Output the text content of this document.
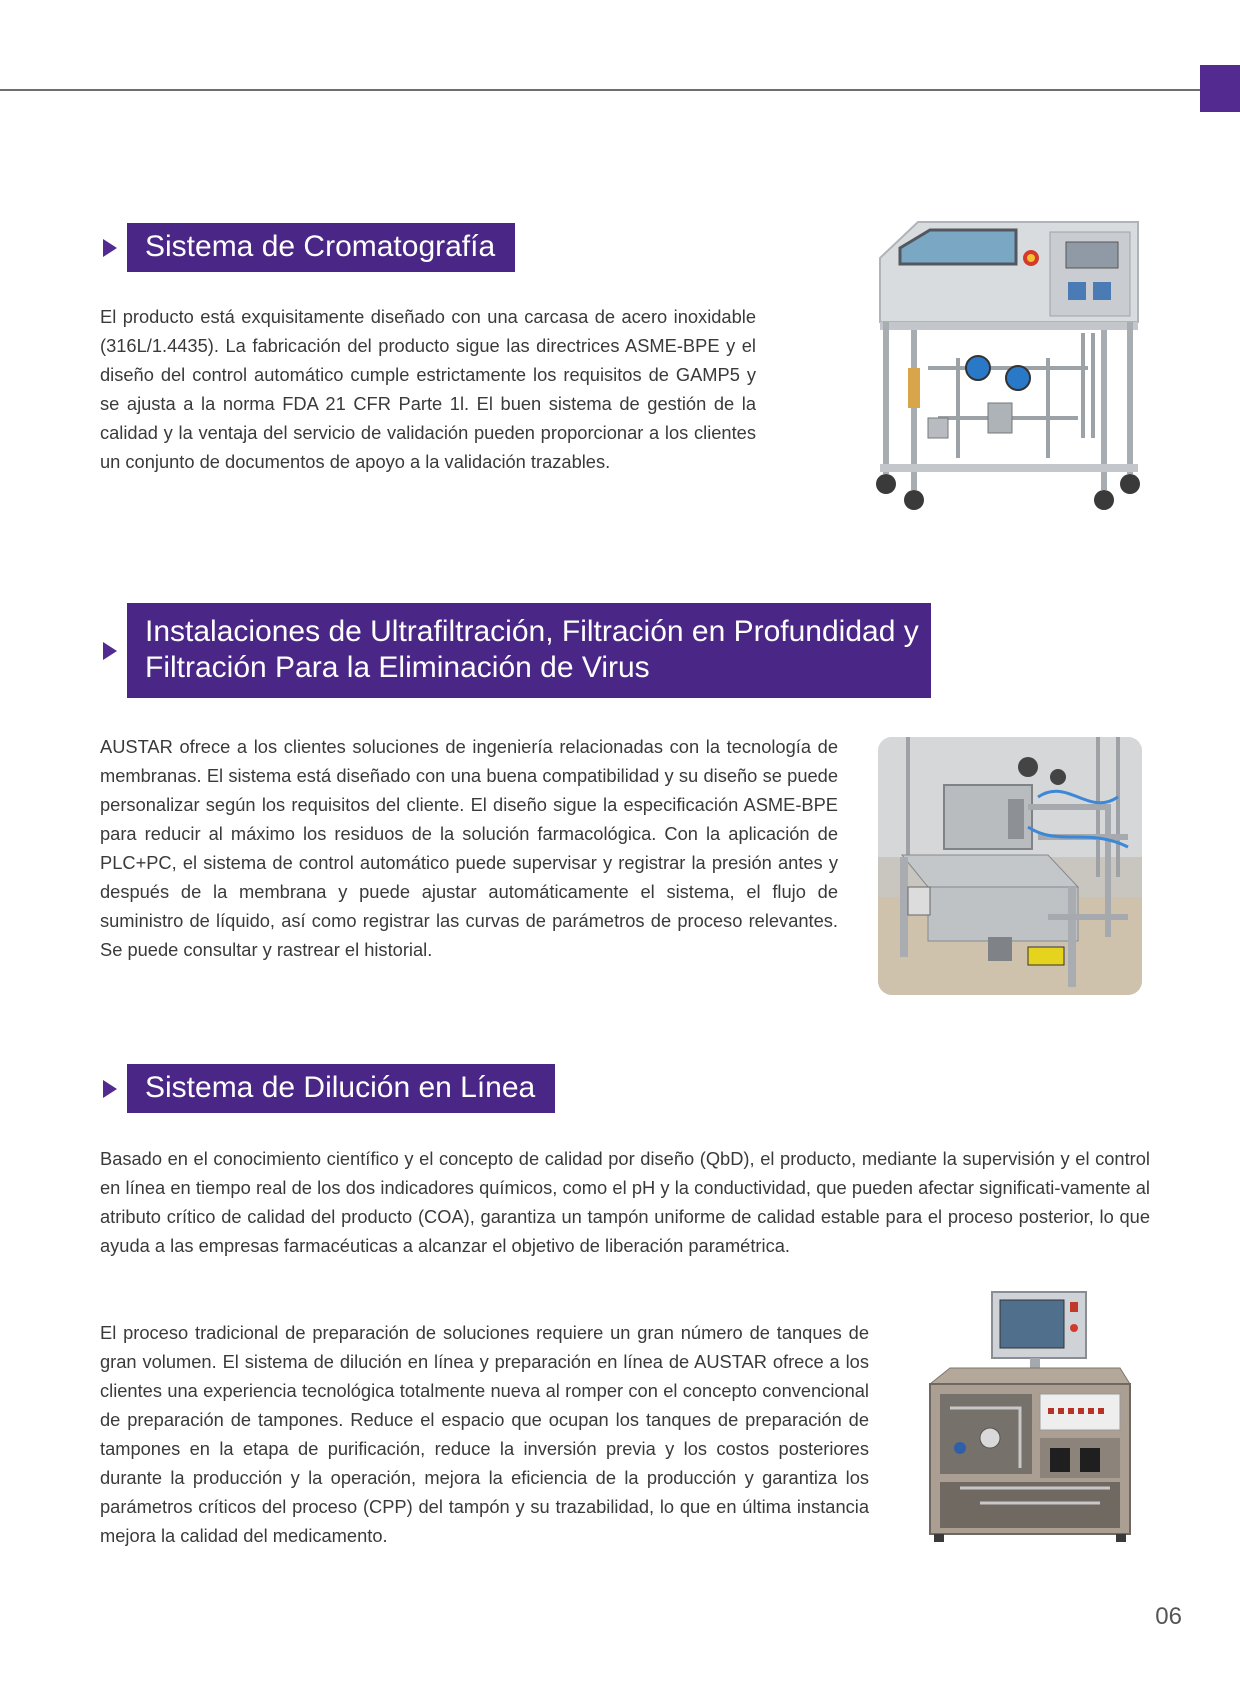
Sistema de Cromatografía

El producto está exquisitamente diseñado con una carcasa de acero inoxidable (316L/1.4435). La fabricación del producto sigue las directrices ASME-BPE y el diseño del control automático cumple estrictamente los requisitos de GAMP5 y se ajusta a la norma FDA 21 CFR Parte 1l. El buen sistema de gestión de la calidad y la ventaja del servicio de validación pueden proporcionar a los clientes un conjunto de documentos de apoyo a la validación trazables.

Instalaciones de Ultrafiltración, Filtración en Profundidad y
Filtración Para la Eliminación de Virus

AUSTAR ofrece a los clientes soluciones de ingeniería relacionadas con la tecnología de membranas. El sistema está diseñado con una buena compatibilidad y su diseño se puede personalizar según los requisitos del cliente. El diseño sigue la especificación ASME-BPE para reducir al máximo los residuos de la solución farmacológica. Con la aplicación de PLC+PC, el sistema de control automático puede supervisar y registrar la presión antes y después de la membrana y puede ajustar automáticamente el sistema, el flujo de suministro de líquido, así como registrar las curvas de parámetros de proceso relevantes. Se puede consultar y rastrear el historial.

Sistema de Dilución en Línea

Basado en el conocimiento científico y el concepto de calidad por diseño (QbD), el producto, mediante la supervisión y el control en línea en tiempo real de los dos indicadores químicos, como el pH y la conductividad, que pueden afectar significati-vamente al atributo crítico de calidad del producto (COA), garantiza un tampón uniforme de calidad estable para el proceso posterior, lo que ayuda a las empresas farmacéuticas a alcanzar el objetivo de liberación paramétrica.

El proceso tradicional de preparación de soluciones requiere un gran número de tanques de gran volumen. El sistema de dilución en línea y preparación en línea de AUSTAR ofrece a los clientes una experiencia tecnológica totalmente nueva al romper con el concepto convencional de preparación de tampones. Reduce el espacio que ocupan los tanques de preparación de tampones en la etapa de purificación, reduce la inversión previa y los costos posteriores durante la producción y la operación, mejora la eficiencia de la producción y garantiza los parámetros críticos del proceso (CPP) del tampón y su trazabilidad, lo que en última instancia mejora la calidad del medicamento.

06
